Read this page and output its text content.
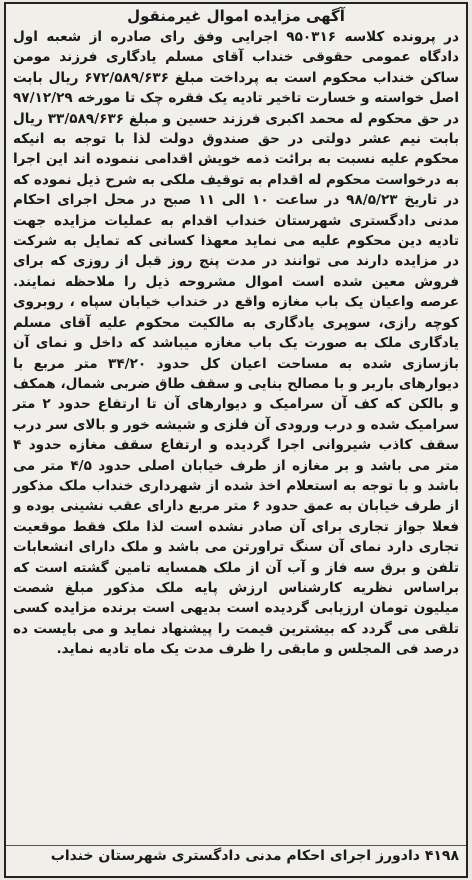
آگهی مزایده اموال غیرمنقول
در پرونده کلاسه ۹۵۰۳۱۶ اجرایی وفق رای صادره از شعبه اول دادگاه عمومی حقوقی خنداب آقای مسلم یادگاری فرزند مومن ساکن خنداب محکوم است به پرداخت مبلغ ۶۷۲/۵۸۹/۶۳۶ ریال بابت اصل خواسته و خسارت تاخیر تادیه یک فقره چک تا مورخه ۹۷/۱۲/۲۹ در حق محکوم له محمد اکبری فرزند حسین و مبلغ ۳۳/۵۸۹/۶۳۶ ریال بابت نیم عشر دولتی در حق صندوق دولت لذا با توجه به انیکه محکوم علیه نسبت به برائت ذمه خویش اقدامی ننموده اند این اجرا به درخواست محکوم له اقدام به توقیف ملکی به شرح ذیل نموده که در تاریخ ۹۸/۵/۲۳ در ساعت ۱۰ الی ۱۱ صبح در محل اجرای احکام مدنی دادگستری شهرستان خنداب اقدام به عملیات مزایده جهت تادیه دین محکوم علیه می نماید معهذا کسانی که تمایل به شرکت در مزایده دارند می توانند در مدت پنج روز قبل از روزی که برای فروش معین شده است اموال مشروحه ذیل را ملاحظه نمایند. عرصه واعیان یک باب مغازه واقع در خنداب خیابان سپاه ، روبروی کوچه رازی، سوپری یادگاری به مالکیت محکوم علیه آقای مسلم یادگاری ملک به صورت یک باب مغازه میباشد که داخل و نمای آن بازسازی شده به مساحت اعیان کل حدود ۳۴/۲۰ متر مربع با دیوارهای باربر و با مصالح بنایی و سقف طاق ضربی شمال، همکف و بالکن که کف آن سرامیک و دیوارهای آن تا ارتفاع حدود ۲ متر سرامیک شده و درب ورودی آن فلزی و شیشه خور و بالای سر درب سقف کاذب شیروانی اجرا گردیده و ارتفاع سقف مغازه حدود ۴ متر می باشد و بر مغازه از طرف خیابان اصلی حدود ۴/۵ متر می باشد و با توجه به استعلام اخذ شده از شهرداری خنداب ملک مذکور از طرف خیابان به عمق حدود ۶ متر مربع دارای عقب نشینی بوده و فعلا جواز تجاری برای آن صادر نشده است لذا ملک فقط موقعیت تجاری دارد نمای آن سنگ تراورتن می باشد و ملک دارای انشعابات تلفن و برق سه فاز و آب آن از ملک همسایه تامین گشته است که براساس نظریه کارشناس ارزش پایه ملک مذکور مبلغ شصت میلیون تومان ارزیابی گردیده است بدیهی است برنده مزایده کسی تلقی می گردد که بیشترین قیمت را پیشنهاد نماید و می بایست ده درصد فی المجلس و مابقی را ظرف مدت یک ماه تادیه نماید.
۴۱۹۸ دادورز اجرای احکام مدنی دادگستری شهرستان خنداب
